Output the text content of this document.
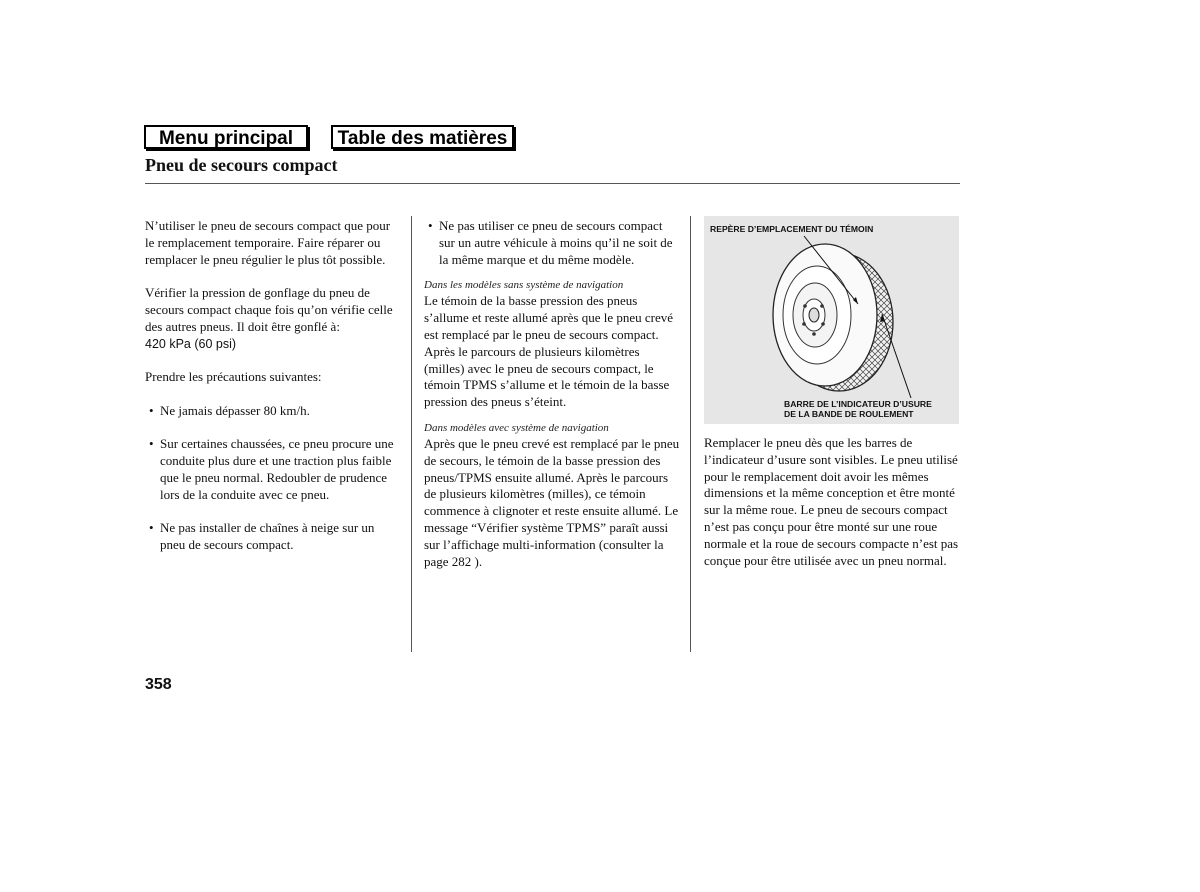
Menu principal	Table des matières
Pneu de secours compact

N’utiliser le pneu de secours compact que pour le remplacement temporaire. Faire réparer ou remplacer le pneu régulier le plus tôt possible.

Vérifier la pression de gonflage du pneu de secours compact chaque fois qu’on vérifie celle des autres pneus. Il doit être gonflé à:

420 kPa (60 psi)

Prendre les précautions suivantes:

• Ne jamais dépasser 80 km/h.

• Sur certaines chaussées, ce pneu procure une conduite plus dure et une traction plus faible que le pneu normal. Redoubler de prudence lors de la conduite avec ce pneu.

• Ne pas installer de chaînes à neige sur un pneu de secours compact.

• Ne pas utiliser ce pneu de secours compact sur un autre véhicule à moins qu’il ne soit de la même marque et du même modèle.

Dans les modèles sans système de navigation

Le témoin de la basse pression des pneus s’allume et reste allumé après que le pneu crevé est remplacé par le pneu de secours compact. Après le parcours de plusieurs kilomètres (milles) avec le pneu de secours compact, le témoin TPMS s’allume et le témoin de la basse pression des pneus s’éteint.

Dans modèles avec système de navigation

Après que le pneu crevé est remplacé par le pneu de secours, le témoin de la basse pression des pneus/TPMS ensuite allumé. Après le parcours de plusieurs kilomètres (milles), ce témoin commence à clignoter et reste ensuite allumé. Le message “Vérifier système TPMS” paraît aussi sur l’affichage multi-information (consulter la page 282 ).

REPÈRE D’EMPLACEMENT DU TÉMOIN
BARRE DE L’INDICATEUR D’USURE
DE LA BANDE DE ROULEMENT

Remplacer le pneu dès que les barres de l’indicateur d’usure sont visibles. Le pneu utilisé pour le remplacement doit avoir les mêmes dimensions et la même conception et être monté sur la même roue. Le pneu de secours compact n’est pas conçu pour être monté sur une roue normale et la roue de secours compacte n’est pas conçue pour être utilisée avec un pneu normal.

358
